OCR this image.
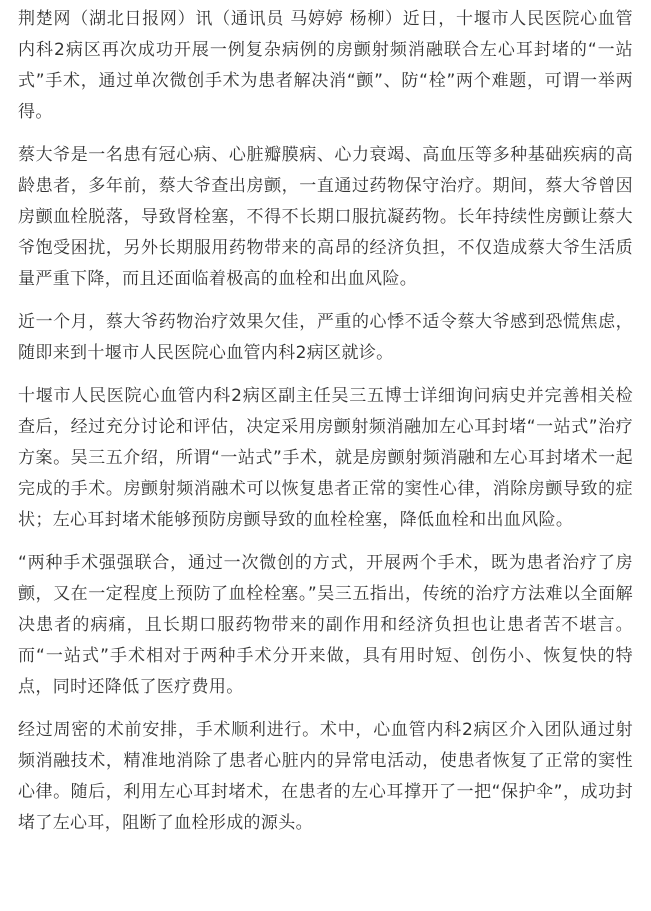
荆楚网（湖北日报网）讯（通讯员 马婷婷 杨柳）近日，十堰市人民医院心血管内科2病区再次成功开展一例复杂病例的房颤射频消融联合左心耳封堵的“一站式”手术，通过单次微创手术为患者解决消“颤”、防“栓”两个难题，可谓一举两得。

蔡大爷是一名患有冠心病、心脏瓣膜病、心力衰竭、高血压等多种基础疾病的高龄患者，多年前，蔡大爷查出房颤，一直通过药物保守治疗。期间，蔡大爷曾因房颤血栓脱落，导致肾栓塞，不得不长期口服抗凝药物。长年持续性房颤让蔡大爷饱受困扰，另外长期服用药物带来的高昂的经济负担，不仅造成蔡大爷生活质量严重下降，而且还面临着极高的血栓和出血风险。

近一个月，蔡大爷药物治疗效果欠佳，严重的心悸不适令蔡大爷感到恐慌焦虑，随即来到十堰市人民医院心血管内科2病区就诊。

十堰市人民医院心血管内科2病区副主任吴三五博士详细询问病史并完善相关检查后，经过充分讨论和评估，决定采用房颤射频消融加左心耳封堵“一站式”治疗方案。吴三五介绍，所谓“一站式”手术，就是房颤射频消融和左心耳封堵术一起完成的手术。房颤射频消融术可以恢复患者正常的窦性心律，消除房颤导致的症状；左心耳封堵术能够预防房颤导致的血栓栓塞，降低血栓和出血风险。

“两种手术强强联合，通过一次微创的方式，开展两个手术，既为患者治疗了房颤，又在一定程度上预防了血栓栓塞。”吴三五指出，传统的治疗方法难以全面解决患者的病痛，且长期口服药物带来的副作用和经济负担也让患者苦不堪言。而“一站式”手术相对于两种手术分开来做，具有用时短、创伤小、恢复快的特点，同时还降低了医疗费用。

经过周密的术前安排，手术顺利进行。术中，心血管内科2病区介入团队通过射频消融技术，精准地消除了患者心脏内的异常电活动，使患者恢复了正常的窦性心律。随后，利用左心耳封堵术，在患者的左心耳撑开了一把“保护伞”，成功封堵了左心耳，阻断了血栓形成的源头。
